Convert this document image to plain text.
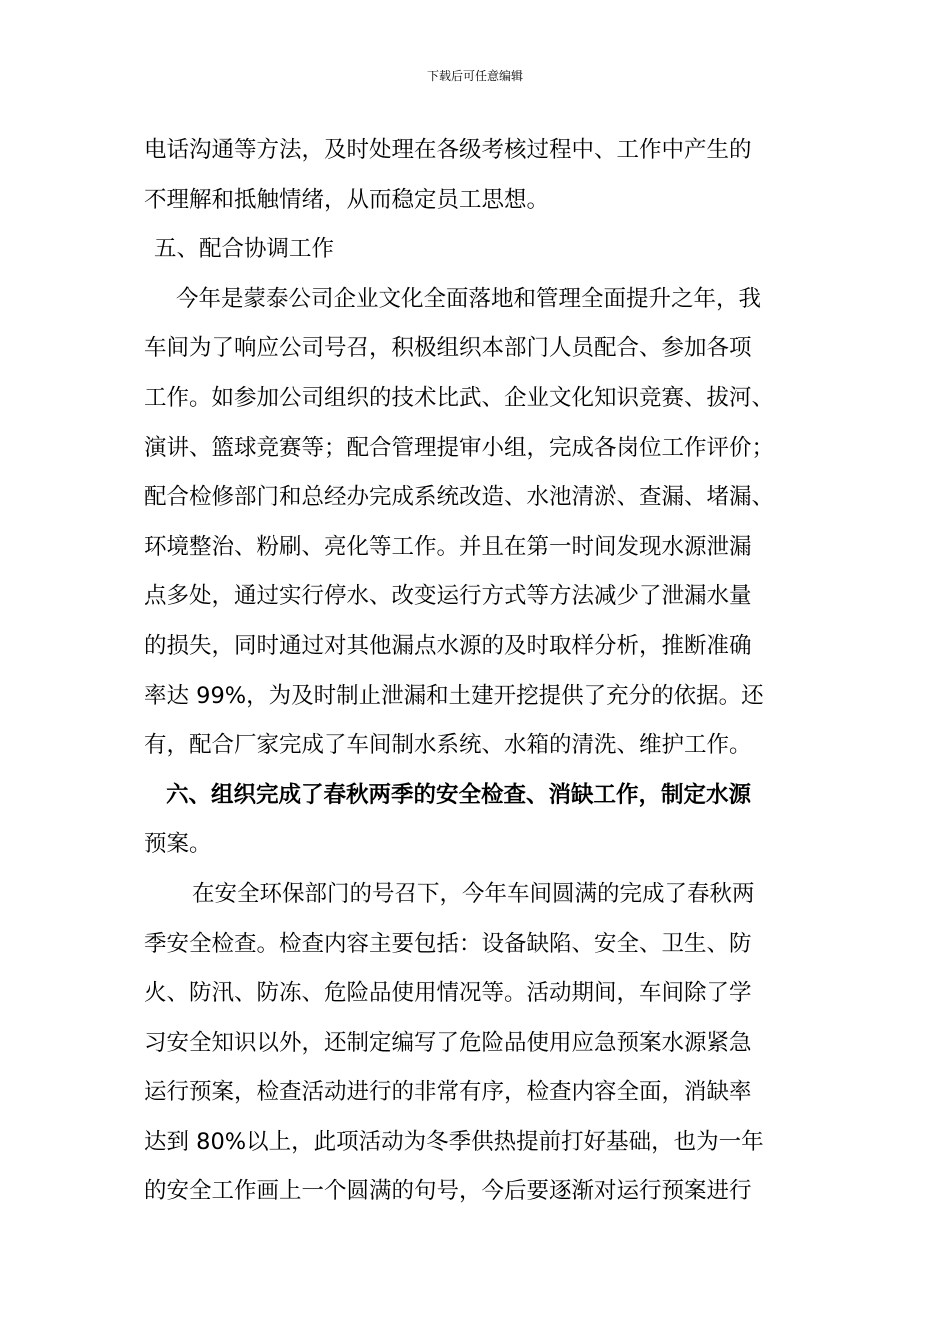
下载后可任意编辑
电话沟通等方法，及时处理在各级考核过程中、工作中产生的
不理解和抵触情绪，从而稳定员工思想。
五、配合协调工作
今年是蒙泰公司企业文化全面落地和管理全面提升之年，我
车间为了响应公司号召，积极组织本部门人员配合、参加各项
工作。如参加公司组织的技术比武、企业文化知识竞赛、拔河、
演讲、篮球竞赛等；配合管理提审小组，完成各岗位工作评价；
配合检修部门和总经办完成系统改造、水池清淤、查漏、堵漏、
环境整治、粉刷、亮化等工作。并且在第一时间发现水源泄漏
点多处，通过实行停水、改变运行方式等方法减少了泄漏水量
的损失，同时通过对其他漏点水源的及时取样分析，推断准确
率达 99%，为及时制止泄漏和土建开挖提供了充分的依据。还
有，配合厂家完成了车间制水系统、水箱的清洗、维护工作。
六、组织完成了春秋两季的安全检查、消缺工作，制定水源
预案。
在安全环保部门的号召下，今年车间圆满的完成了春秋两
季安全检查。检查内容主要包括：设备缺陷、安全、卫生、防
火、防汛、防冻、危险品使用情况等。活动期间，车间除了学
习安全知识以外，还制定编写了危险品使用应急预案水源紧急
运行预案，检查活动进行的非常有序，检查内容全面，消缺率
达到 80%以上，此项活动为冬季供热提前打好基础，也为一年
的安全工作画上一个圆满的句号，今后要逐渐对运行预案进行
